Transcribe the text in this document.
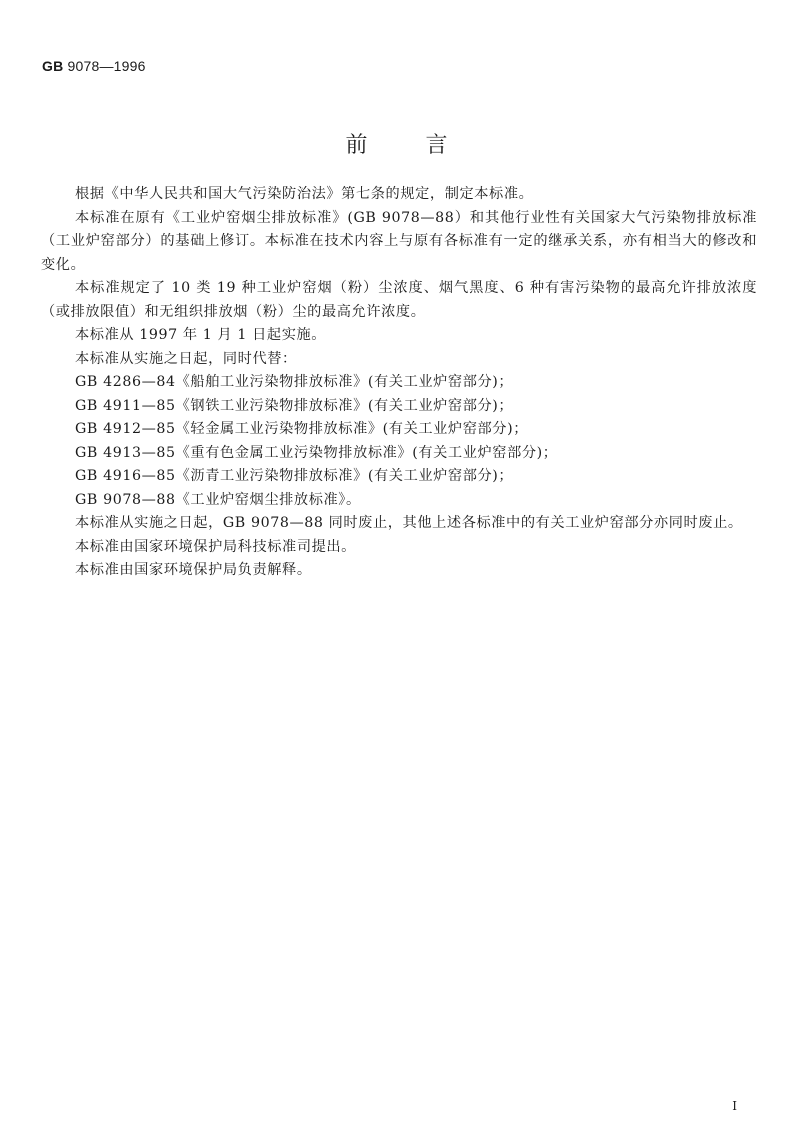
GB 9078—1996
前言

根据《中华人民共和国大气污染防治法》第七条的规定，制定本标准。

本标准在原有《工业炉窑烟尘排放标准》(GB 9078—88）和其他行业性有关国家大气污染物排放标准（工业炉窑部分）的基础上修订。本标准在技术内容上与原有各标准有一定的继承关系，亦有相当大的修改和变化。

本标准规定了 10 类 19 种工业炉窑烟（粉）尘浓度、烟气黑度、6 种有害污染物的最高允许排放浓度（或排放限值）和无组织排放烟（粉）尘的最高允许浓度。

本标准从 1997 年 1 月 1 日起实施。

本标准从实施之日起，同时代替：

GB 4286—84《船舶工业污染物排放标准》(有关工业炉窑部分)；

GB 4911—85《钢铁工业污染物排放标准》(有关工业炉窑部分)；

GB 4912—85《轻金属工业污染物排放标准》(有关工业炉窑部分)；

GB 4913—85《重有色金属工业污染物排放标准》(有关工业炉窑部分)；

GB 4916—85《沥青工业污染物排放标准》(有关工业炉窑部分)；

GB 9078—88《工业炉窑烟尘排放标准》。

本标准从实施之日起，GB 9078—88 同时废止，其他上述各标准中的有关工业炉窑部分亦同时废止。

本标准由国家环境保护局科技标准司提出。

本标准由国家环境保护局负责解释。

I
